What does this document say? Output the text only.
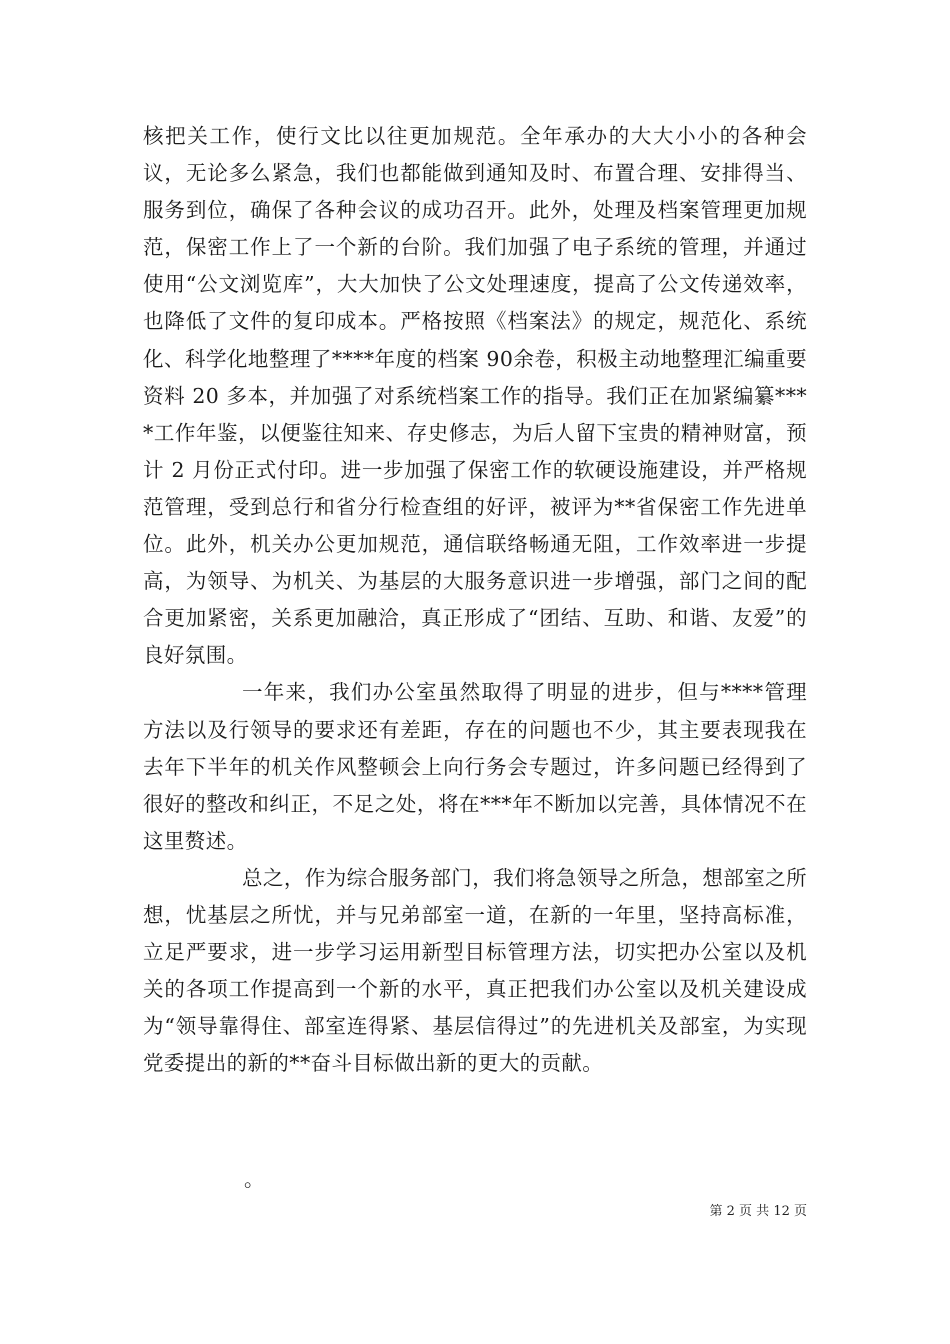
核把关工作，使行文比以往更加规范。全年承办的大大小小的各种会议，无论多么紧急，我们也都能做到通知及时、布置合理、安排得当、服务到位，确保了各种会议的成功召开。此外，处理及档案管理更加规范，保密工作上了一个新的台阶。我们加强了电子系统的管理，并通过使用“公文浏览库”，大大加快了公文处理速度，提高了公文传递效率，也降低了文件的复印成本。严格按照《档案法》的规定，规范化、系统化、科学化地整理了****年度的档案 90余卷，积极主动地整理汇编重要资料 20 多本，并加强了对系统档案工作的指导。我们正在加紧编纂****工作年鉴，以便鉴往知来、存史修志，为后人留下宝贵的精神财富，预计 2 月份正式付印。进一步加强了保密工作的软硬设施建设，并严格规范管理，受到总行和省分行检查组的好评，被评为**省保密工作先进单位。此外，机关办公更加规范，通信联络畅通无阻，工作效率进一步提高，为领导、为机关、为基层的大服务意识进一步增强，部门之间的配合更加紧密，关系更加融洽，真正形成了“团结、互助、和谐、友爱”的良好氛围。

一年来，我们办公室虽然取得了明显的进步，但与****管理方法以及行领导的要求还有差距，存在的问题也不少，其主要表现我在去年下半年的机关作风整顿会上向行务会专题过，许多问题已经得到了很好的整改和纠正，不足之处，将在***年不断加以完善，具体情况不在这里赘述。

总之，作为综合服务部门，我们将急领导之所急，想部室之所想，忧基层之所忧，并与兄弟部室一道，在新的一年里，坚持高标准，立足严要求，进一步学习运用新型目标管理方法，切实把办公室以及机关的各项工作提高到一个新的水平，真正把我们办公室以及机关建设成为“领导靠得住、部室连得紧、基层信得过”的先进机关及部室，为实现党委提出的新的**奋斗目标做出新的更大的贡献。

。
第 2 页 共 12 页
